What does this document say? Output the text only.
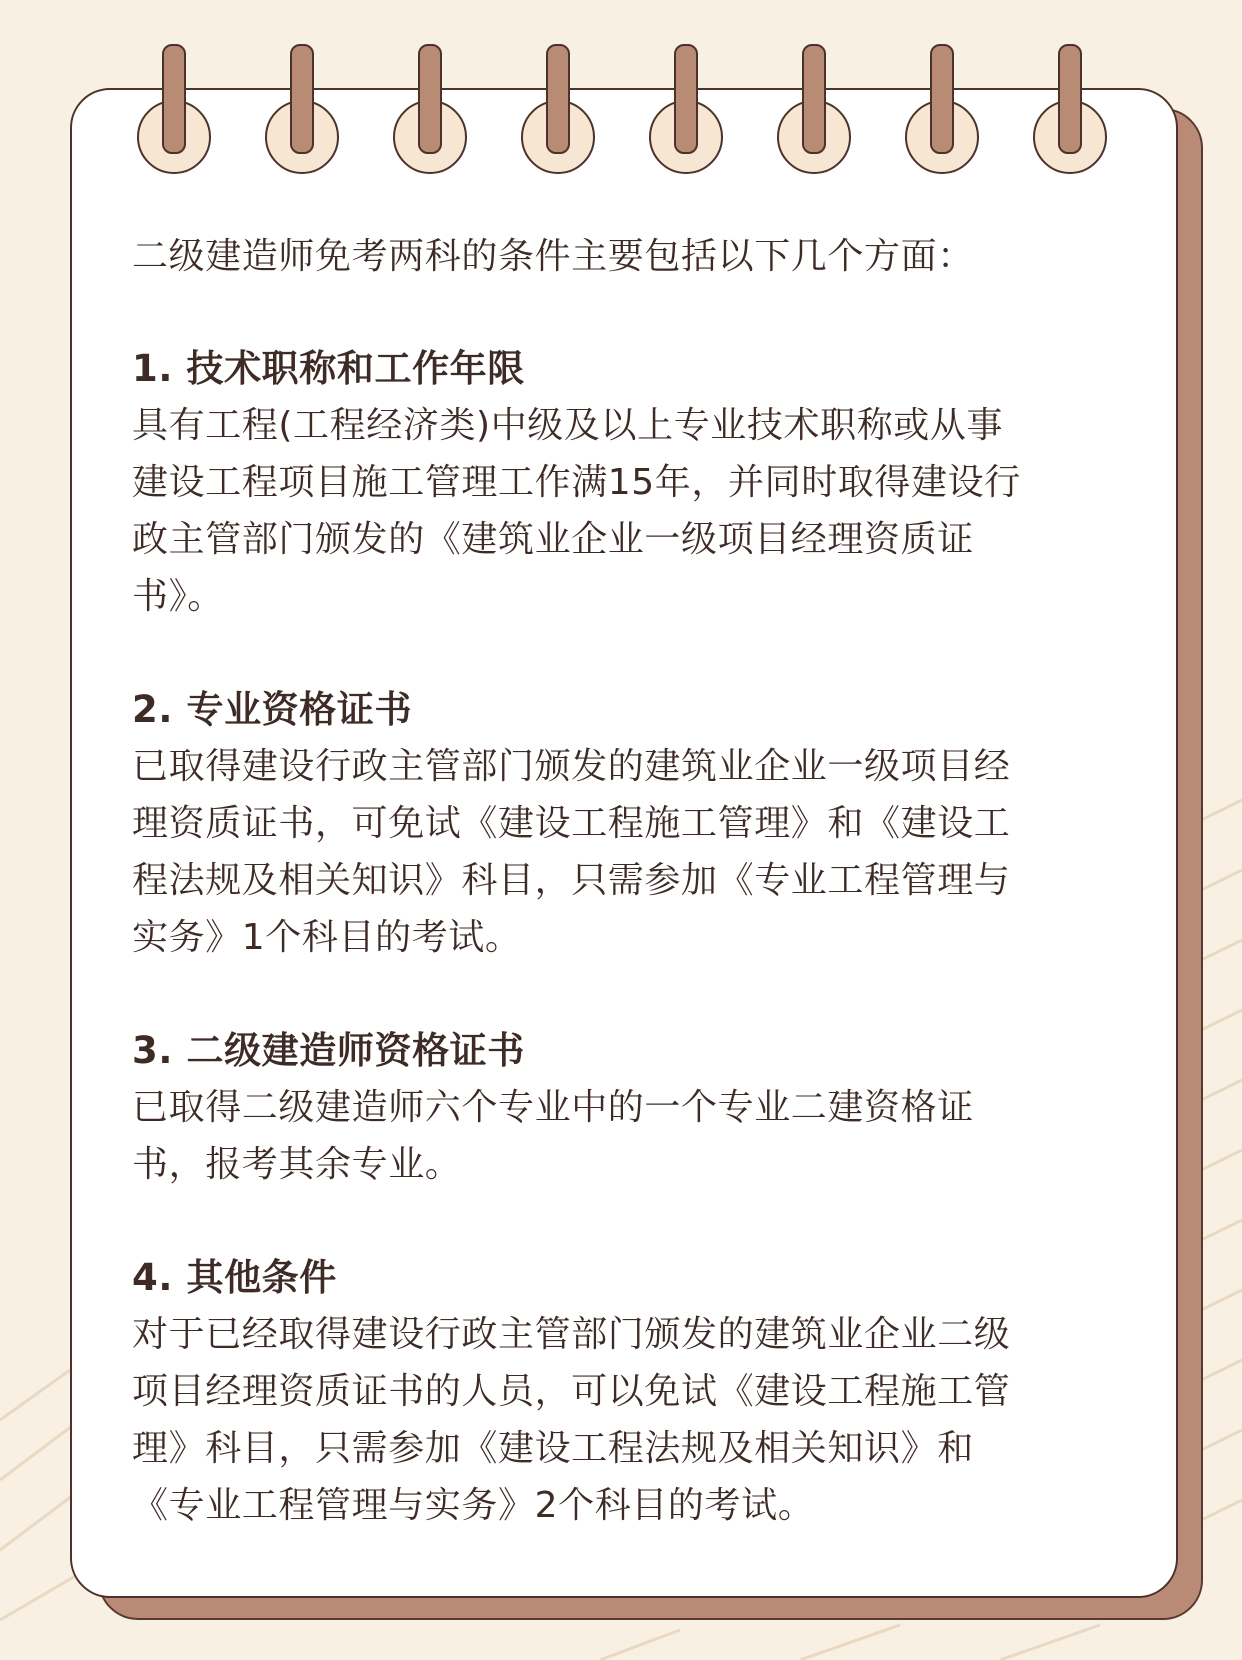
二级建造师免考两科的条件主要包括以下几个方面：

1. 技术职称和工作年限

具有工程(工程经济类)中级及以上专业技术职称或从事
建设工程项目施工管理工作满15年，并同时取得建设行
政主管部门颁发的《建筑业企业一级项目经理资质证
书》。

2. 专业资格证书

已取得建设行政主管部门颁发的建筑业企业一级项目经
理资质证书，可免试《建设工程施工管理》和《建设工
程法规及相关知识》科目，只需参加《专业工程管理与
实务》1个科目的考试。

3. 二级建造师资格证书

已取得二级建造师六个专业中的一个专业二建资格证
书，报考其余专业。

4. 其他条件

对于已经取得建设行政主管部门颁发的建筑业企业二级
项目经理资质证书的人员，可以免试《建设工程施工管
理》科目，只需参加《建设工程法规及相关知识》和
《专业工程管理与实务》2个科目的考试。
